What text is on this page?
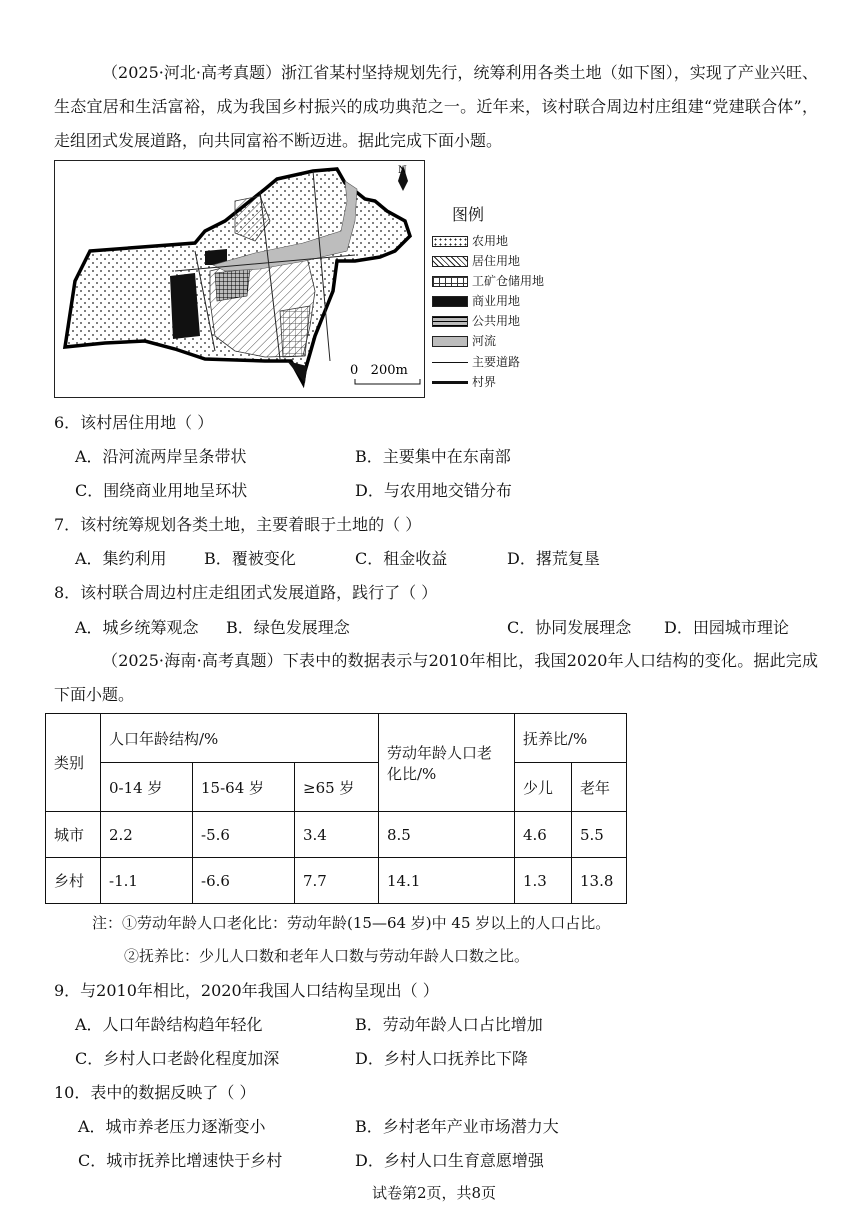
（2025·河北·高考真题）浙江省某村坚持规划先行，统筹利用各类土地（如下图），实现了产业兴旺、生态宜居和生活富裕，成为我国乡村振兴的成功典范之一。近年来，该村联合周边村庄组建“党建联合体”，走组团式发展道路，向共同富裕不断迈进。据此完成下面小题。
N
0   200m
图例
农用地
居住用地
工矿仓储用地
商业用地
公共用地
河流
主要道路
村界
6．该村居住用地（ ）
A．沿河流两岸呈条带状	B．主要集中在东南部
C．围绕商业用地呈环状	D．与农用地交错分布
7．该村统筹规划各类土地，主要着眼于土地的（ ）
A．集约利用 B．覆被变化	C．租金收益	D．撂荒复垦
8．该村联合周边村庄走组团式发展道路，践行了（ ）
A．城乡统筹观念 B．绿色发展理念	C．协同发展理念 D．田园城市理论
（2025·海南·高考真题）下表中的数据表示与2010年相比，我国2020年人口结构的变化。据此完成下面小题。
类别	人口年龄结构/%			劳动年龄人口老化比/%	抚养比/%	
	0-14 岁	15-64 岁	≥65 岁		少儿	老年
城市	2.2	-5.6	3.4	8.5	4.6	5.5
乡村	-1.1	-6.6	7.7	14.1	1.3	13.8
注：①劳动年龄人口老化比：劳动年龄(15—64 岁)中 45 岁以上的人口占比。
②抚养比：少儿人口数和老年人口数与劳动年龄人口数之比。
9．与2010年相比，2020年我国人口结构呈现出（ ）
A．人口年龄结构趋年轻化	B．劳动年龄人口占比增加
C．乡村人口老龄化程度加深	D．乡村人口抚养比下降
10．表中的数据反映了（ ）
A．城市养老压力逐渐变小	B．乡村老年产业市场潜力大
C．城市抚养比增速快于乡村	D．乡村人口生育意愿增强
试卷第2页，共8页
